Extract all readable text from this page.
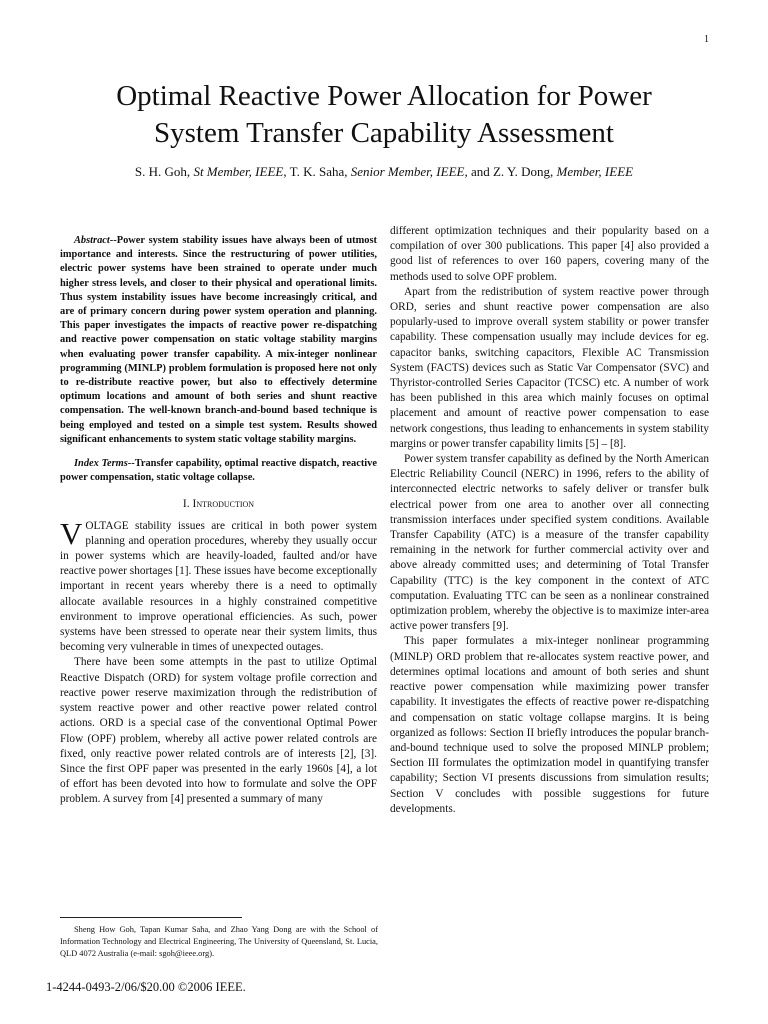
1
Optimal Reactive Power Allocation for Power
System Transfer Capability Assessment
S. H. Goh, St Member, IEEE, T. K. Saha, Senior Member, IEEE, and Z. Y. Dong, Member, IEEE

Abstract--Power system stability issues have always been of utmost importance and interests. Since the restructuring of power utilities, electric power systems have been strained to operate under much higher stress levels, and closer to their physical and operational limits. Thus system instability issues have become increasingly critical, and are of primary concern during power system operation and planning. This paper investigates the impacts of reactive power re-dispatching and reactive power compensation on static voltage stability margins when evaluating power transfer capability. A mix-integer nonlinear programming (MINLP) problem formulation is proposed here not only to re-distribute reactive power, but also to effectively determine optimum locations and amount of both series and shunt reactive compensation. The well-known branch-and-bound based technique is being employed and tested on a simple test system. Results showed significant enhancements to system static voltage stability margins.

Index Terms--Transfer capability, optimal reactive dispatch, reactive power compensation, static voltage collapse.

I. Introduction

VOLTAGE stability issues are critical in both power system planning and operation procedures, whereby they usually occur in power systems which are heavily-loaded, faulted and/or have reactive power shortages [1]. These issues have become exceptionally important in recent years whereby there is a need to optimally allocate available resources in a highly constrained competitive environment to improve operational efficiencies. As such, power systems have been stressed to operate near their system limits, thus becoming very vulnerable in times of unexpected outages.

There have been some attempts in the past to utilize Optimal Reactive Dispatch (ORD) for system voltage profile correction and reactive power reserve maximization through the redistribution of system reactive power and other reactive power related control actions. ORD is a special case of the conventional Optimal Power Flow (OPF) problem, whereby all active power related controls are fixed, only reactive power related controls are of interests [2], [3]. Since the first OPF paper was presented in the early 1960s [4], a lot of effort has been devoted into how to formulate and solve the OPF problem. A survey from [4] presented a summary of many

different optimization techniques and their popularity based on a compilation of over 300 publications. This paper [4] also provided a good list of references to over 160 papers, covering many of the methods used to solve OPF problem.

Apart from the redistribution of system reactive power through ORD, series and shunt reactive power compensation are also popularly-used to improve overall system stability or power transfer capability. These compensation usually may include devices for eg. capacitor banks, switching capacitors, Flexible AC Transmission System (FACTS) devices such as Static Var Compensator (SVC) and Thyristor-controlled Series Capacitor (TCSC) etc. A number of work has been published in this area which mainly focuses on optimal placement and amount of reactive power compensation to ease network congestions, thus leading to enhancements in system stability margins or power transfer capability limits [5] – [8].

Power system transfer capability as defined by the North American Electric Reliability Council (NERC) in 1996, refers to the ability of interconnected electric networks to safely deliver or transfer bulk electrical power from one area to another over all connecting transmission interfaces under specified system conditions. Available Transfer Capability (ATC) is a measure of the transfer capability remaining in the network for further commercial activity over and above already committed uses; and determining of Total Transfer Capability (TTC) is the key component in the context of ATC computation. Evaluating TTC can be seen as a nonlinear constrained optimization problem, whereby the objective is to maximize inter-area active power transfers [9].

This paper formulates a mix-integer nonlinear programming (MINLP) ORD problem that re-allocates system reactive power, and determines optimal locations and amount of both series and shunt reactive power compensation while maximizing power transfer capability. It investigates the effects of reactive power re-dispatching and compensation on static voltage collapse margins. It is being organized as follows: Section II briefly introduces the popular branch-and-bound technique used to solve the proposed MINLP problem; Section III formulates the optimization model in quantifying transfer capability; Section VI presents discussions from simulation results; Section V concludes with possible suggestions for future developments.

Sheng How Goh, Tapan Kumar Saha, and Zhao Yang Dong are with the School of Information Technology and Electrical Engineering, The University of Queensland, St. Lucia, QLD 4072 Australia (e-mail: sgoh@ieee.org).
1-4244-0493-2/06/$20.00 ©2006 IEEE.
